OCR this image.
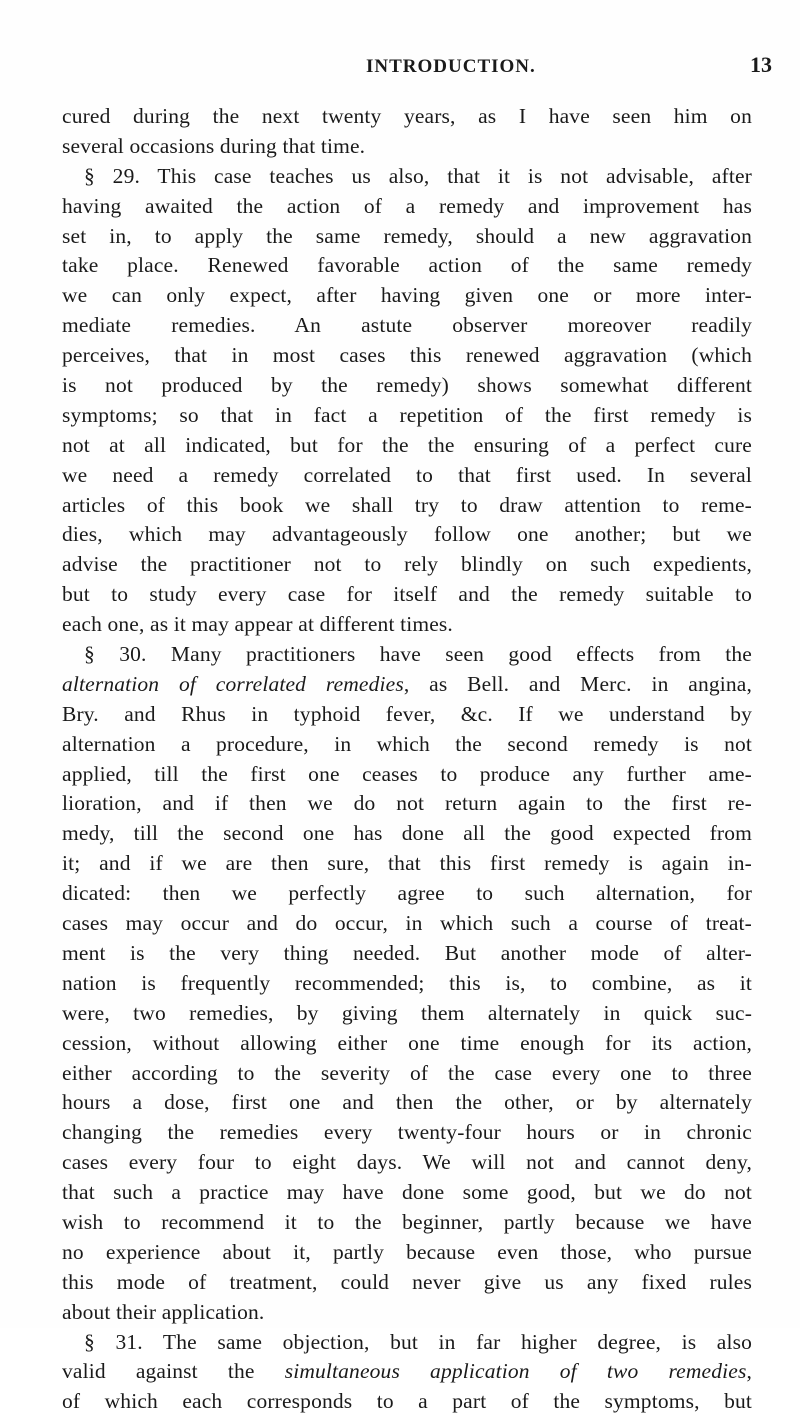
INTRODUCTION.	13
cured during the next twenty years, as I have seen him on
several occasions during that time.
§ 29. This case teaches us also, that it is not advisable, after
having awaited the action of a remedy and improvement has
set in, to apply the same remedy, should a new aggravation
take place. Renewed favorable action of the same remedy
we can only expect, after having given one or more inter-
mediate remedies. An astute observer moreover readily
perceives, that in most cases this renewed aggravation (which
is not produced by the remedy) shows somewhat different
symptoms; so that in fact a repetition of the first remedy is
not at all indicated, but for the the ensuring of a perfect cure
we need a remedy correlated to that first used. In several
articles of this book we shall try to draw attention to reme-
dies, which may advantageously follow one another; but we
advise the practitioner not to rely blindly on such expedients,
but to study every case for itself and the remedy suitable to
each one, as it may appear at different times.
§ 30. Many practitioners have seen good effects from the
alternation of correlated remedies, as Bell. and Merc. in angina,
Bry. and Rhus in typhoid fever, &c. If we understand by
alternation a procedure, in which the second remedy is not
applied, till the first one ceases to produce any further ame-
lioration, and if then we do not return again to the first re-
medy, till the second one has done all the good expected from
it; and if we are then sure, that this first remedy is again in-
dicated: then we perfectly agree to such alternation, for
cases may occur and do occur, in which such a course of treat-
ment is the very thing needed. But another mode of alter-
nation is frequently recommended; this is, to combine, as it
were, two remedies, by giving them alternately in quick suc-
cession, without allowing either one time enough for its action,
either according to the severity of the case every one to three
hours a dose, first one and then the other, or by alternately
changing the remedies every twenty-four hours or in chronic
cases every four to eight days. We will not and cannot deny,
that such a practice may have done some good, but we do not
wish to recommend it to the beginner, partly because we have
no experience about it, partly because even those, who pursue
this mode of treatment, could never give us any fixed rules
about their application.
§ 31. The same objection, but in far higher degree, is also
valid against the simultaneous application of two remedies,
of which each corresponds to a part of the symptoms, but
